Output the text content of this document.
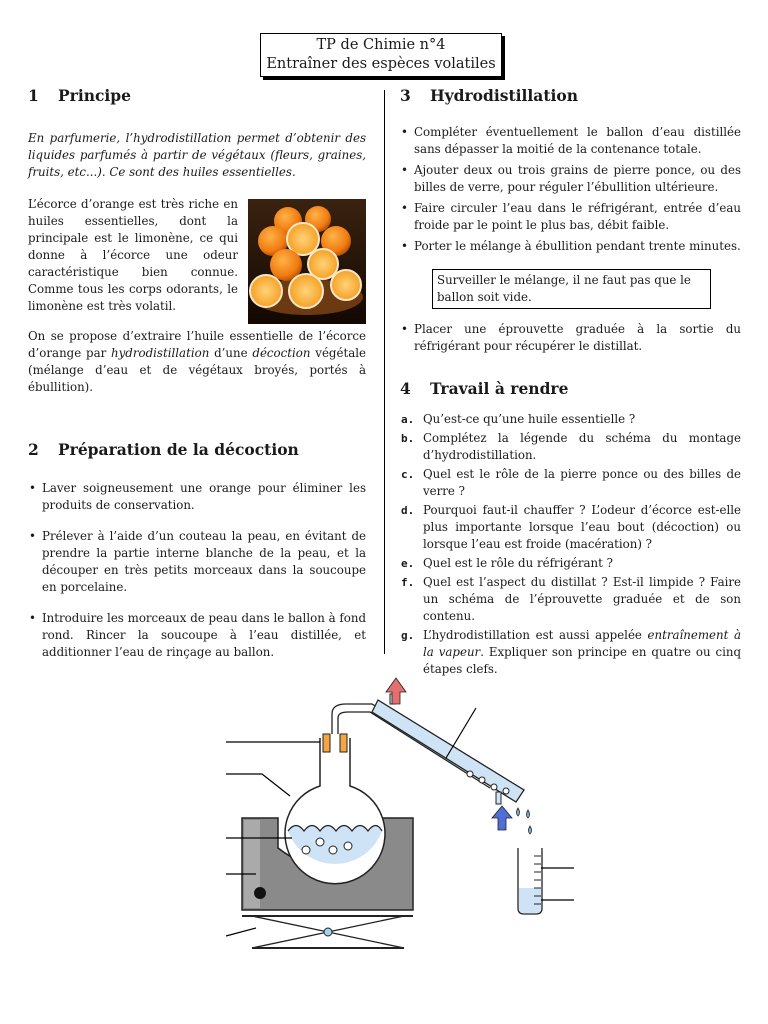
TP de Chimie n°4
Entraîner des espèces volatiles
1 Principe

En parfumerie, l’hydrodistillation permet d’obtenir des liquides parfumés à partir de végétaux (fleurs, graines, fruits, etc...). Ce sont des huiles essentielles.

L’écorce d’orange est très riche en huiles essentielles, dont la principale est le limonène, ce qui donne à l’écorce une odeur caractéristique bien connue. Comme tous les corps odorants, le limonène est très volatil.

On se propose d’extraire l’huile essentielle de l’écorce d’orange par hydrodistillation d’une décoction végétale (mélange d’eau et de végétaux broyés, portés à ébullition).

2 Préparation de la décoction
• Laver soigneusement une orange pour éliminer les produits de conservation.
• Prélever à l’aide d’un couteau la peau, en évitant de prendre la partie interne blanche de la peau, et la découper en très petits morceaux dans la soucoupe en porcelaine.
• Introduire les morceaux de peau dans le ballon à fond rond. Rincer la soucoupe à l’eau distillée, et additionner l’eau de rinçage au ballon.
3 Hydrodistillation
• Compléter éventuellement le ballon d’eau distillée sans dépasser la moitié de la contenance totale.
• Ajouter deux ou trois grains de pierre ponce, ou des billes de verre, pour réguler l’ébullition ultérieure.
• Faire circuler l’eau dans le réfrigérant, entrée d’eau froide par le point le plus bas, débit faible.
• Porter le mélange à ébullition pendant trente minutes.
Surveiller le mélange, il ne faut pas que le ballon soit vide.
• Placer une éprouvette graduée à la sortie du réfrigérant pour récupérer le distillat.
4 Travail à rendre
a. Qu’est-ce qu’une huile essentielle ?
b. Complétez la légende du schéma du montage d’hydrodistillation.
c. Quel est le rôle de la pierre ponce ou des billes de verre ?
d. Pourquoi faut-il chauffer ? L’odeur d’écorce est-elle plus importante lorsque l’eau bout (décoction) ou lorsque l’eau est froide (macération) ?
e. Quel est le rôle du réfrigérant ?
f. Quel est l’aspect du distillat ? Est-il limpide ? Faire un schéma de l’éprouvette graduée et de son contenu.
g. L’hydrodistillation est aussi appelée entraînement à la vapeur. Expliquer son principe en quatre ou cinq étapes clefs.
